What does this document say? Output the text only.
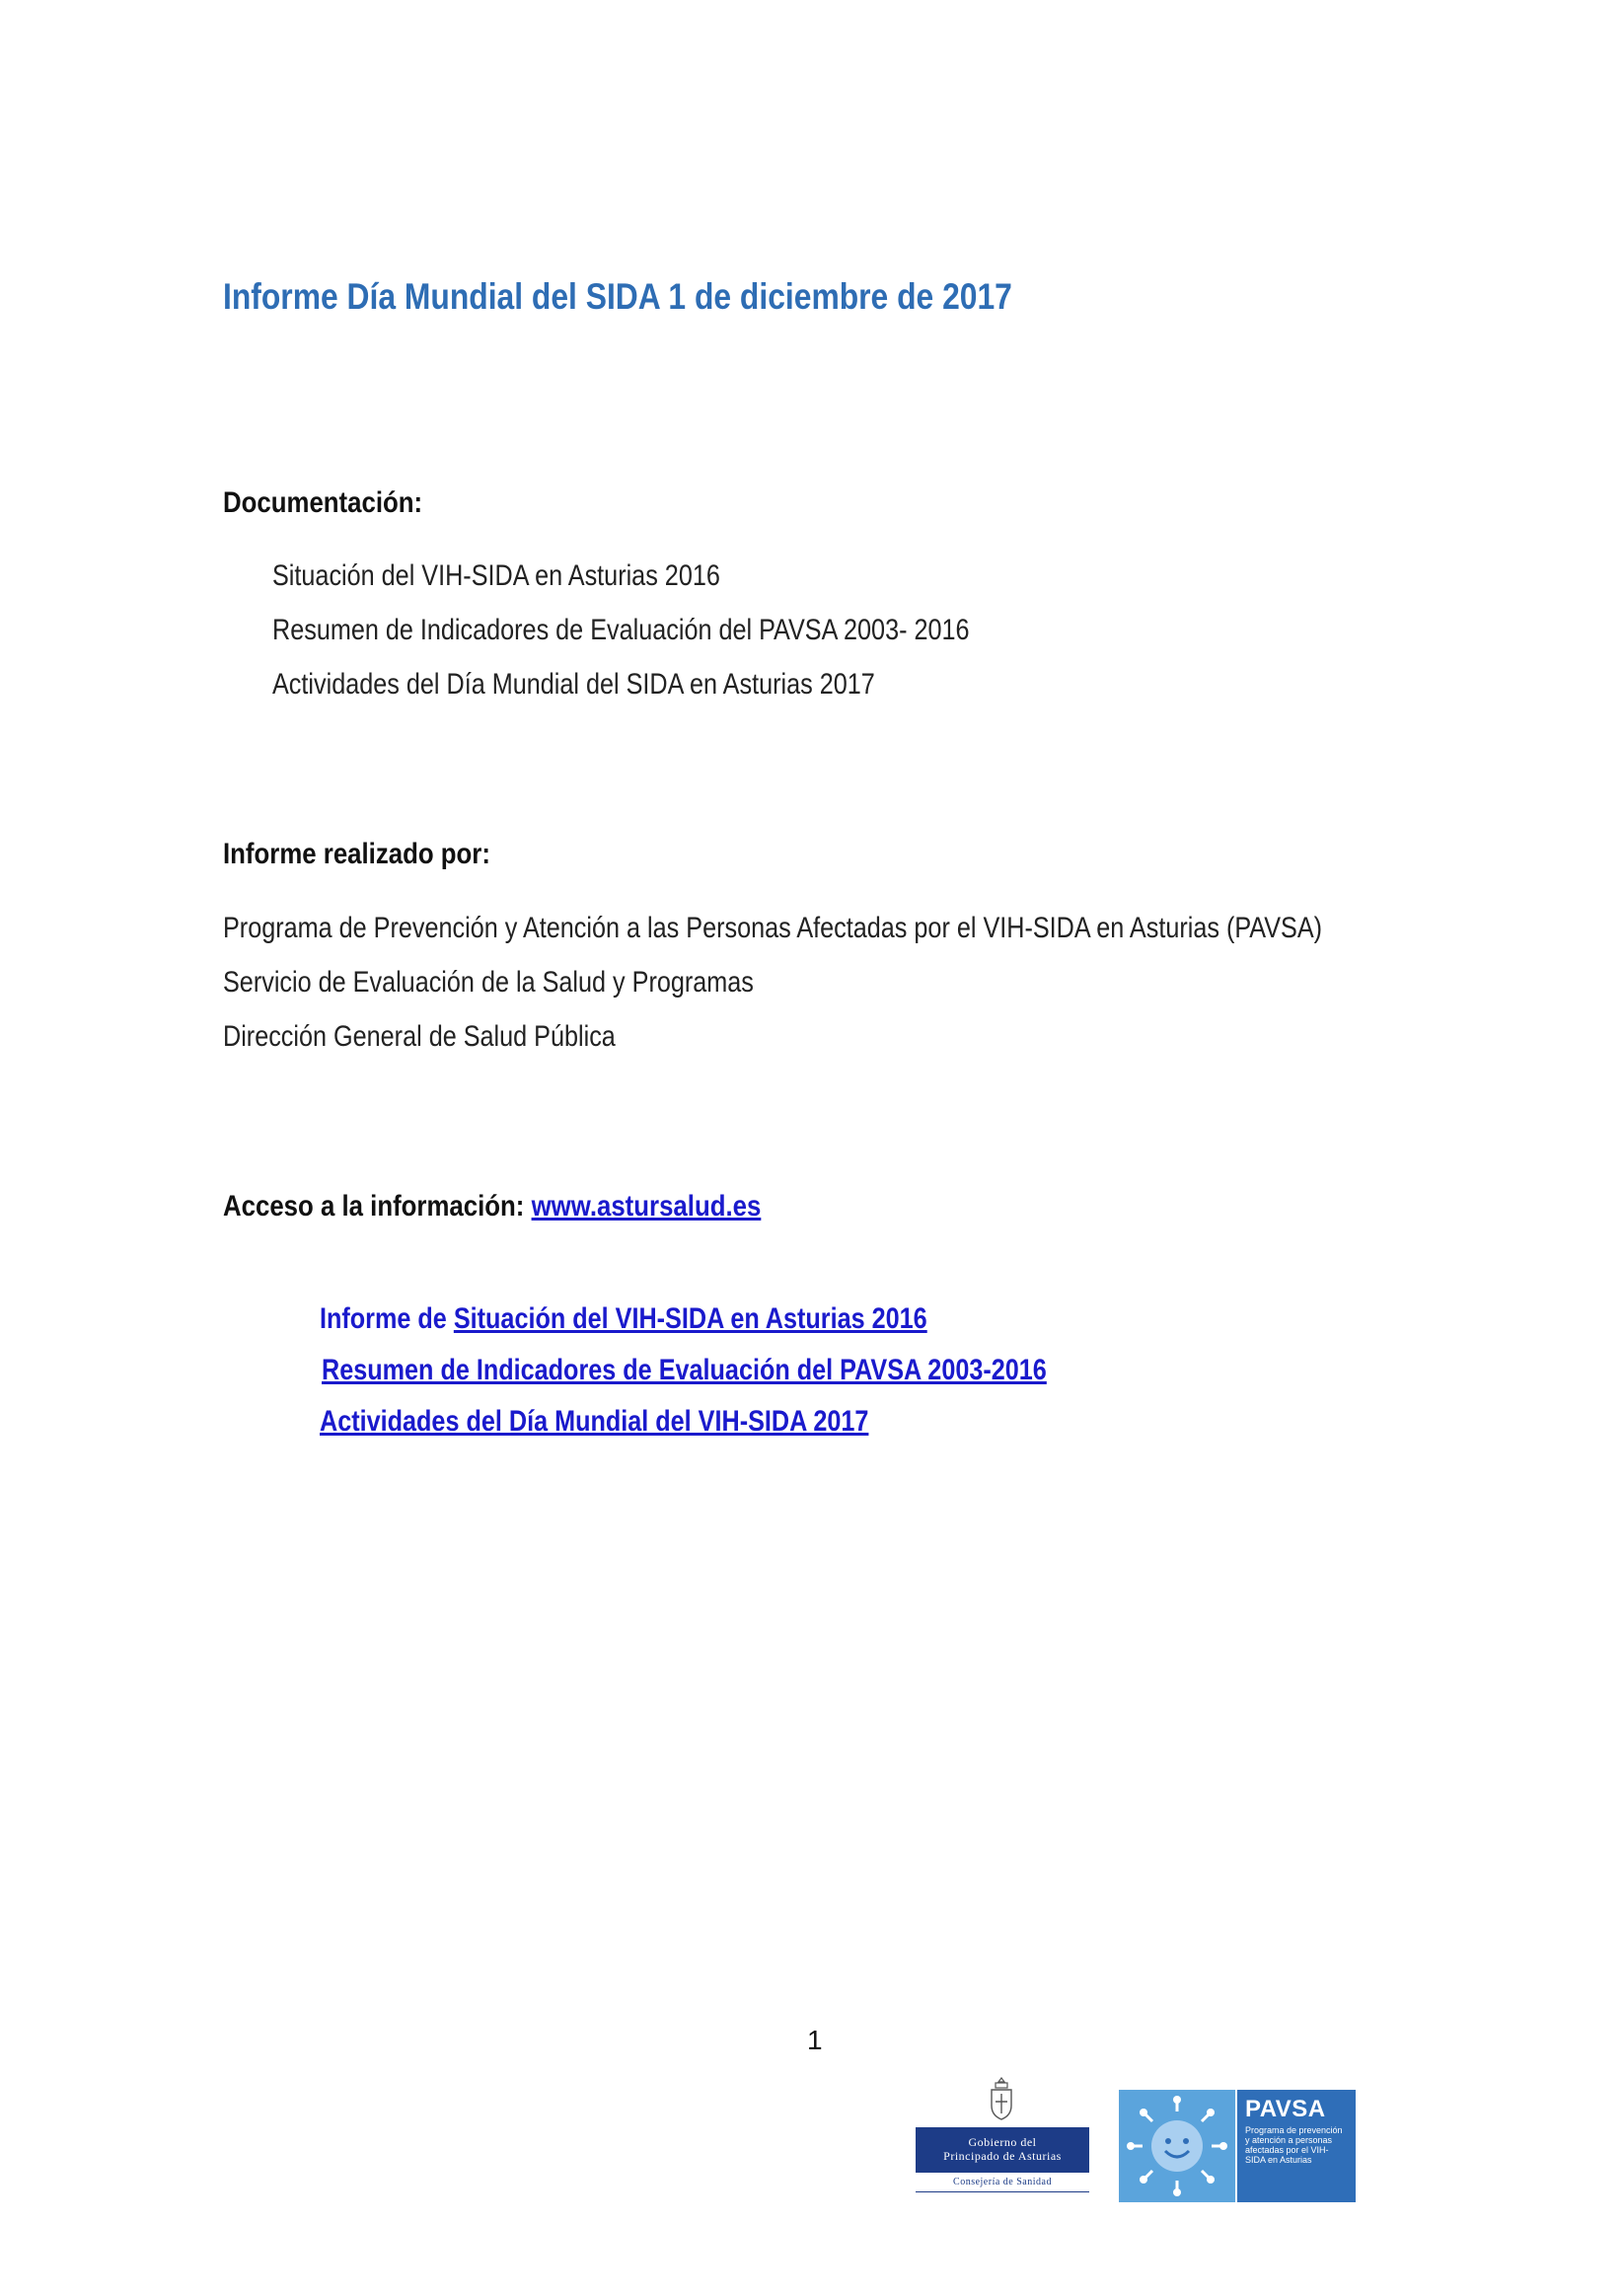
Informe Día Mundial del SIDA 1 de diciembre de 2017
Documentación:
Situación del VIH-SIDA en Asturias 2016
Resumen de Indicadores de Evaluación del PAVSA 2003- 2016
Actividades del Día Mundial del SIDA en Asturias 2017
Informe realizado por:
Programa de Prevención y Atención a las Personas Afectadas por el VIH-SIDA en Asturias (PAVSA)
Servicio de Evaluación de la Salud y Programas
Dirección General de Salud Pública
Acceso a la información: www.astursalud.es
Informe de Situación del VIH-SIDA en Asturias 2016
Resumen de Indicadores de Evaluación del PAVSA 2003-2016
Actividades del Día Mundial del VIH-SIDA 2017
1
Gobierno del
Principado de Asturias
Consejería de Sanidad
PAVSA
Programa de prevención y atención a personas afectadas por el VIH-SIDA en Asturias
